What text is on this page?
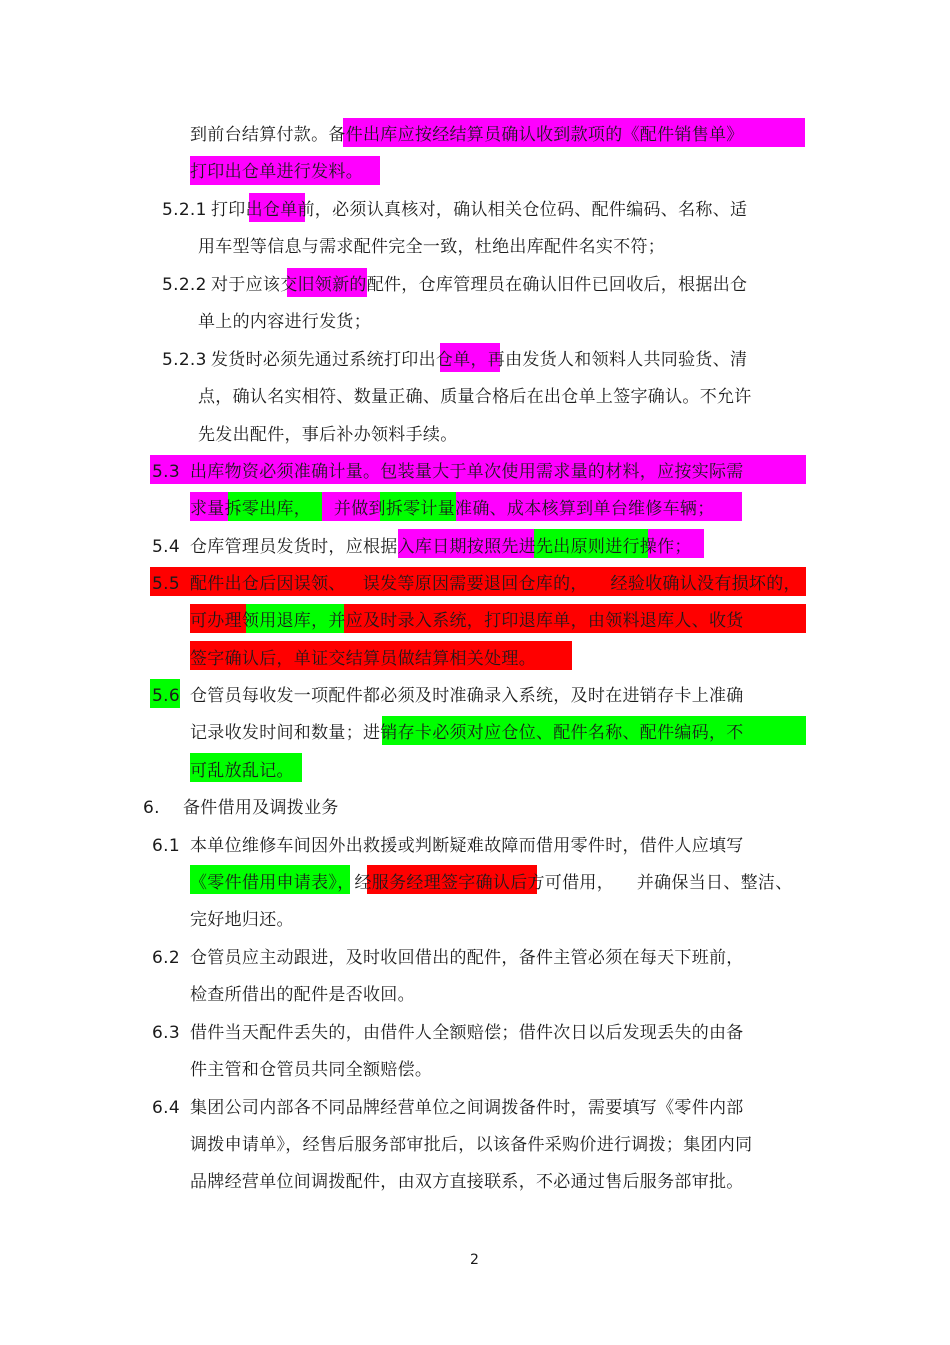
到前台结算付款。备件出库应按经结算员确认收到款项的《配件销售单》
打印出仓单进行发料。
5.2.1 打印出仓单前，必须认真核对，确认相关仓位码、配件编码、名称、适
用车型等信息与需求配件完全一致，杜绝出库配件名实不符；
5.2.2 对于应该交旧领新的配件，仓库管理员在确认旧件已回收后，根据出仓
单上的内容进行发货；
5.2.3 发货时必须先通过系统打印出仓单，再由发货人和领料人共同验货、清
点，确认名实相符、数量正确、质量合格后在出仓单上签字确认。不允许
先发出配件，事后补办领料手续。
5.3 出库物资必须准确计量。包装量大于单次使用需求量的材料，应按实际需
求量拆零出库，    并做到拆零计量准确、成本核算到单台维修车辆；
5.4 仓库管理员发货时，应根据入库日期按照先进先出原则进行操作；
5.5 配件出仓后因误领、   误发等原因需要退回仓库的，    经验收确认没有损坏的，
可办理领用退库，并应及时录入系统，打印退库单，由领料退库人、收货
签字确认后，单证交结算员做结算相关处理。
5.6 仓管员每收发一项配件都必须及时准确录入系统，及时在进销存卡上准确
记录收发时间和数量；进销存卡必须对应仓位、配件名称、配件编码，不
可乱放乱记。
6. 备件借用及调拨业务
6.1 本单位维修车间因外出救援或判断疑难故障而借用零件时，借件人应填写
《零件借用申请表》，经服务经理签字确认后方可借用，    并确保当日、整洁、
完好地归还。
6.2 仓管员应主动跟进，及时收回借出的配件，备件主管必须在每天下班前，
检查所借出的配件是否收回。
6.3 借件当天配件丢失的，由借件人全额赔偿；借件次日以后发现丢失的由备
件主管和仓管员共同全额赔偿。
6.4 集团公司内部各不同品牌经营单位之间调拨备件时，需要填写《零件内部
调拨申请单》，经售后服务部审批后，以该备件采购价进行调拨；集团内同
品牌经营单位间调拨配件，由双方直接联系，不必通过售后服务部审批。
2
